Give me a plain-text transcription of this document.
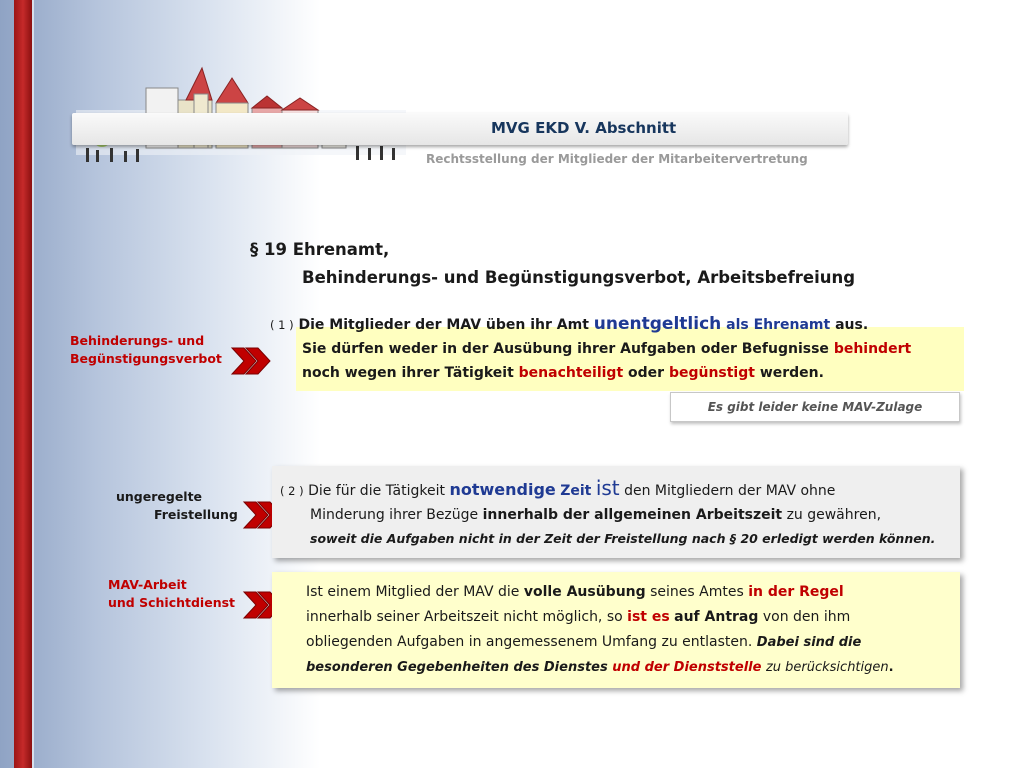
MVG EKD V. Abschnitt
Rechtsstellung der Mitglieder der Mitarbeitervertretung
§ 19 Ehrenamt,
Behinderungs- und Begünstigungsverbot, Arbeitsbefreiung
Behinderungs- und
Begünstigungsverbot
ungeregelte
Freistellung
MAV-Arbeit
und Schichtdienst
( 1 ) Die Mitglieder der MAV üben ihr Amt unentgeltlich als Ehrenamt aus.
Sie dürfen weder in der Ausübung ihrer Aufgaben oder Befugnisse behindert
noch wegen ihrer Tätigkeit benachteiligt oder begünstigt werden.
Es gibt leider keine MAV-Zulage
( 2 ) Die für die Tätigkeit notwendige Zeit ist den Mitgliedern der MAV ohne
Minderung ihrer Bezüge innerhalb der allgemeinen Arbeitszeit zu gewähren,
soweit die Aufgaben nicht in der Zeit der Freistellung nach § 20 erledigt werden können.
Ist einem Mitglied der MAV die volle Ausübung seines Amtes in der Regel
innerhalb seiner Arbeitszeit nicht möglich, so ist es auf Antrag von den ihm
obliegenden Aufgaben in angemessenem Umfang zu entlasten. Dabei sind die
besonderen Gegebenheiten des Dienstes und der Dienststelle zu berücksichtigen.
